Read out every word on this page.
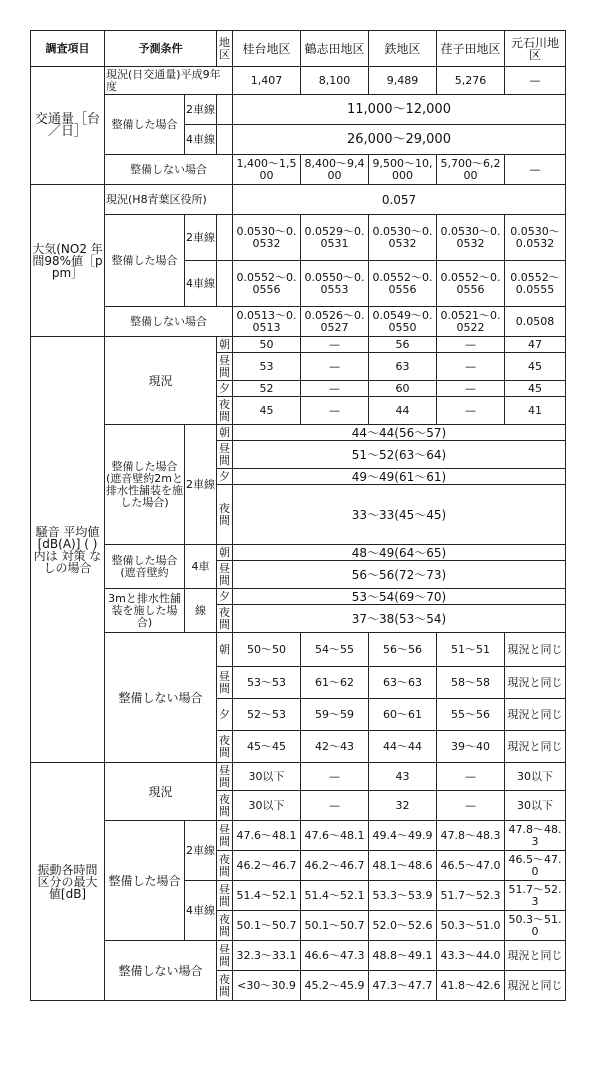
調査項目	予測条件		地区	桂台地区	鶴志田地区	鉄地区	荏子田地区	元石川地区
交通量［台／日］	現況(日交通量)平成9年度			1,407	8,100	9,489	5,276	—
	整備した場合	2車線		11,000～12,000				
		4車線		26,000～29,000				
	整備しない場合			1,400～1,500	8,400～9,400	9,500～10,000	5,700～6,200	—
大気(NO2 年間98%値［ppm］	現況(H8青葉区役所)			0.057				
	整備した場合	2車線		0.0530～0.0532	0.0529～0.0531	0.0530～0.0532	0.0530～0.0532	0.0530～0.0532
		4車線		0.0552～0.0556	0.0550～0.0553	0.0552～0.0556	0.0552～0.0556	0.0552～0.0555
	整備しない場合			0.0513～0.0513	0.0526～0.0527	0.0549～0.0550	0.0521～0.0522	0.0508
騒音 平均値 [dB(A)] ( )内は 対策 なしの場合	現況		朝	50	—	56	—	47
			昼間	53	—	63	—	45
			夕	52	—	60	—	45
			夜間	45	—	44	—	41
	整備した場合(遮音壁約2mと排水性舗装を施した場合)	2車線	朝	44～44(56～57)				
			昼間	51～52(63～64)				
			夕	49～49(61～61)				
			夜間	33～33(45～45)				
	整備した場合(遮音壁約	4車	朝	48～49(64～65)				
			昼間	56～56(72～73)				
	3mと排水性舗装を施した場合)	線	夕	53～54(69～70)				
			夜間	37～38(53～54)				
	整備しない場合		朝	50～50	54～55	56～56	51～51	現況と同じ
			昼間	53～53	61～62	63～63	58～58	現況と同じ
			夕	52～53	59～59	60～61	55～56	現況と同じ
			夜間	45～45	42～43	44～44	39～40	現況と同じ
振動各時間区分の最大値[dB]	現況		昼間	30以下	—	43	—	30以下
			夜間	30以下	—	32	—	30以下
	整備した場合	2車線	昼間	47.6～48.1	47.6～48.1	49.4～49.9	47.8～48.3	47.8～48.3
			夜間	46.2～46.7	46.2～46.7	48.1～48.6	46.5～47.0	46.5～47.0
		4車線	昼間	51.4～52.1	51.4～52.1	53.3～53.9	51.7～52.3	51.7～52.3
			夜間	50.1～50.7	50.1～50.7	52.0～52.6	50.3～51.0	50.3～51.0
	整備しない場合		昼間	32.3～33.1	46.6～47.3	48.8～49.1	43.3～44.0	現況と同じ
			夜間	<30～30.9	45.2～45.9	47.3～47.7	41.8～42.6	現況と同じ
